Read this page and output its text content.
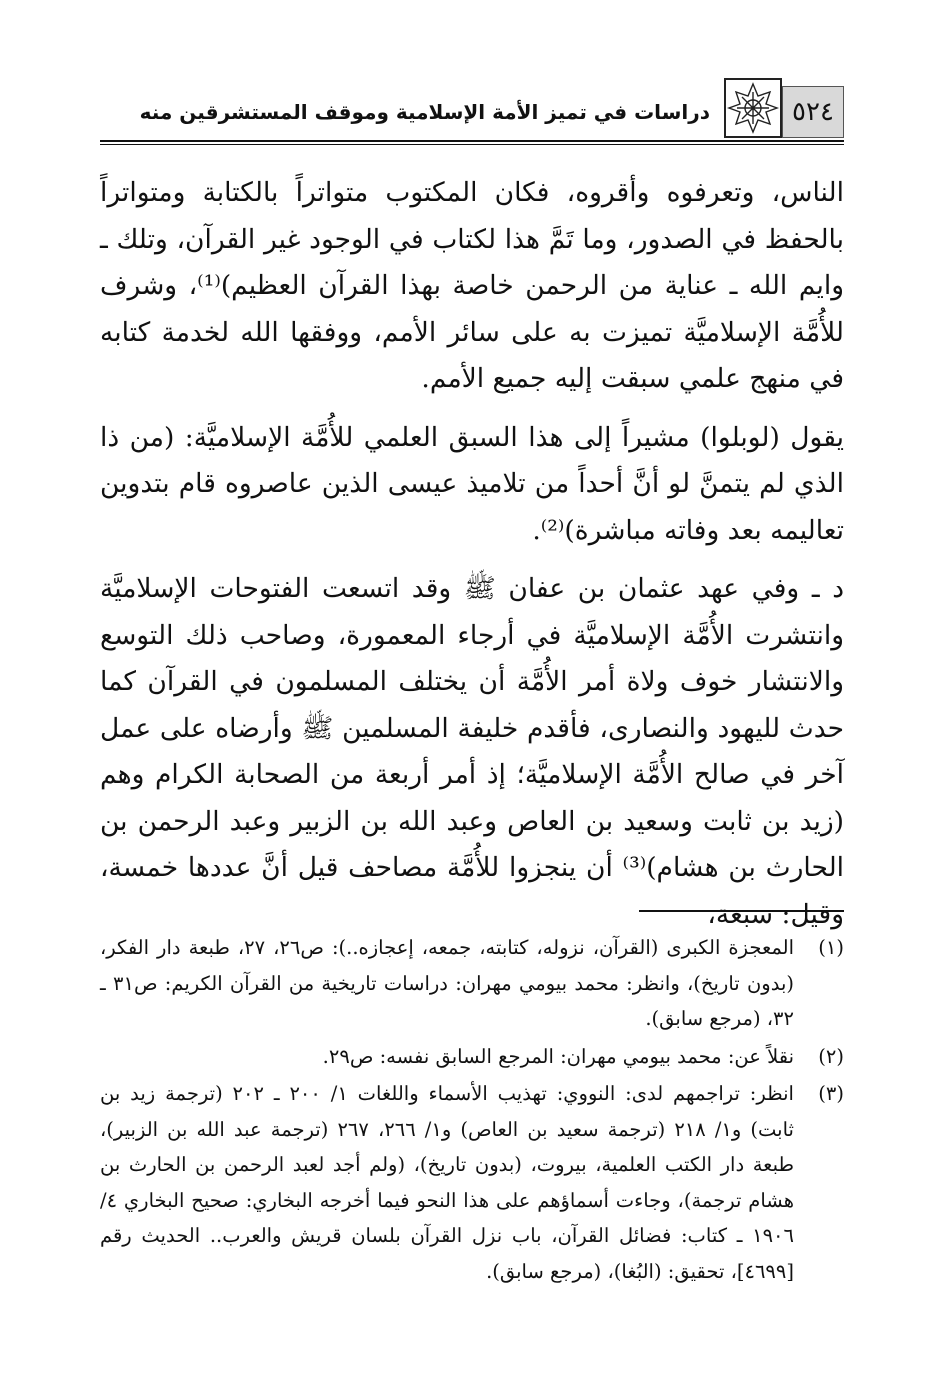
٥٢٤
دراسات في تميز الأمة الإسلامية وموقف المستشرقين منه

الناس، وتعرفوه وأقروه، فكان المكتوب متواتراً بالكتابة ومتواتراً بالحفظ في الصدور، وما تَمَّ هذا لكتاب في الوجود غير القرآن، وتلك ـ وايم الله ـ عناية من الرحمن خاصة بهذا القرآن العظيم)⁽¹⁾، وشرف للأُمَّة الإسلاميَّة تميزت به على سائر الأمم، ووفقها الله لخدمة كتابه في منهج علمي سبقت إليه جميع الأمم.

يقول (لوبلوا) مشيراً إلى هذا السبق العلمي للأُمَّة الإسلاميَّة: (من ذا الذي لم يتمنَّ لو أنَّ أحداً من تلاميذ عيسى الذين عاصروه قام بتدوين تعاليمه بعد وفاته مباشرة)⁽²⁾.

د ـ وفي عهد عثمان بن عفان ﷺ وقد اتسعت الفتوحات الإسلاميَّة وانتشرت الأُمَّة الإسلاميَّة في أرجاء المعمورة، وصاحب ذلك التوسع والانتشار خوف ولاة أمر الأُمَّة أن يختلف المسلمون في القرآن كما حدث لليهود والنصارى، فأقدم خليفة المسلمين ﷺ وأرضاه على عمل آخر في صالح الأُمَّة الإسلاميَّة؛ إذ أمر أربعة من الصحابة الكرام وهم (زيد بن ثابت وسعيد بن العاص وعبد الله بن الزبير وعبد الرحمن بن الحارث بن هشام)⁽³⁾ أن ينجزوا للأُمَّة مصاحف قيل أنَّ عددها خمسة، وقيل: سبعة،

(١)
المعجزة الكبرى (القرآن، نزوله، كتابته، جمعه، إعجازه..): ص٢٦، ٢٧، طبعة دار الفكر، (بدون تاريخ)، وانظر: محمد بيومي مهران: دراسات تاريخية من القرآن الكريم: ص٣١ ـ ٣٢، (مرجع سابق).
(٢)
نقلاً عن: محمد بيومي مهران: المرجع السابق نفسه: ص٢٩.
(٣)
انظر: تراجمهم لدى: النووي: تهذيب الأسماء واللغات ١/ ٢٠٠ ـ ٢٠٢ (ترجمة زيد بن ثابت) و١/ ٢١٨ (ترجمة سعيد بن العاص) و١/ ٢٦٦، ٢٦٧ (ترجمة عبد الله بن الزبير)، طبعة دار الكتب العلمية، بيروت، (بدون تاريخ)، (ولم أجد لعبد الرحمن بن الحارث بن هشام ترجمة)، وجاءت أسماؤهم على هذا النحو فيما أخرجه البخاري: صحيح البخاري ٤/ ١٩٠٦ ـ كتاب: فضائل القرآن، باب نزل القرآن بلسان قريش والعرب.. الحديث رقم [٤٦٩٩]، تحقيق: (البُغا)، (مرجع سابق).
